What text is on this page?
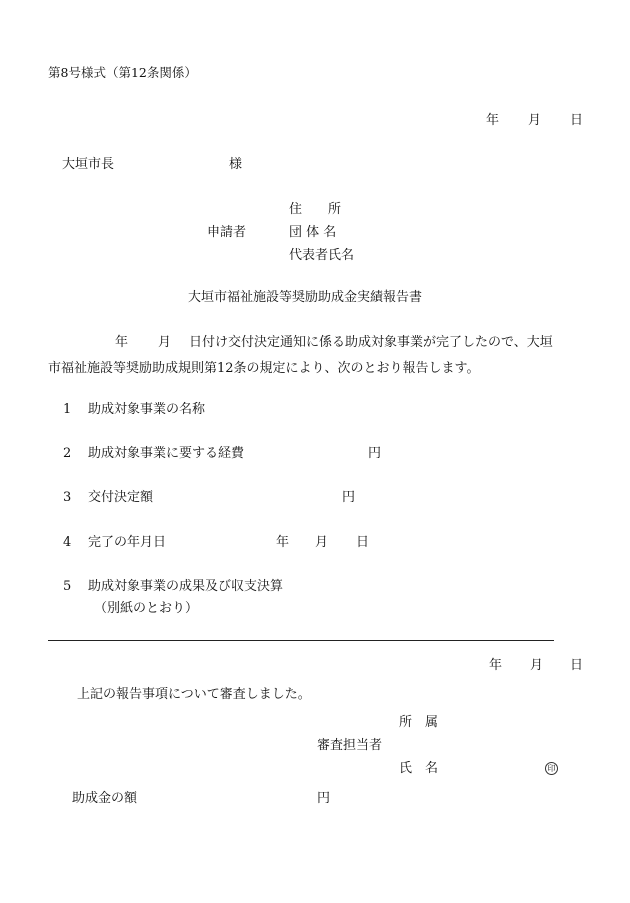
第8号様式（第12条関係）
年 月 日
大垣市長	様
住　　所
申請者	団 体 名
代表者氏名
大垣市福祉施設等奨励助成金実績報告書
年 月 日付け交付決定通知に係る助成対象事業が完了したので、大垣
市福祉施設等奨励助成規則第12条の規定により、次のとおり報告します。
1 助成対象事業の名称
2 助成対象事業に要する経費	円
3 交付決定額	円
4 完了の年月日	年 月 日
5 助成対象事業の成果及び収支決算
（別紙のとおり）
年 月 日
上記の報告事項について審査しました。
所　属
審査担当者
氏　名	印
助成金の額	円
